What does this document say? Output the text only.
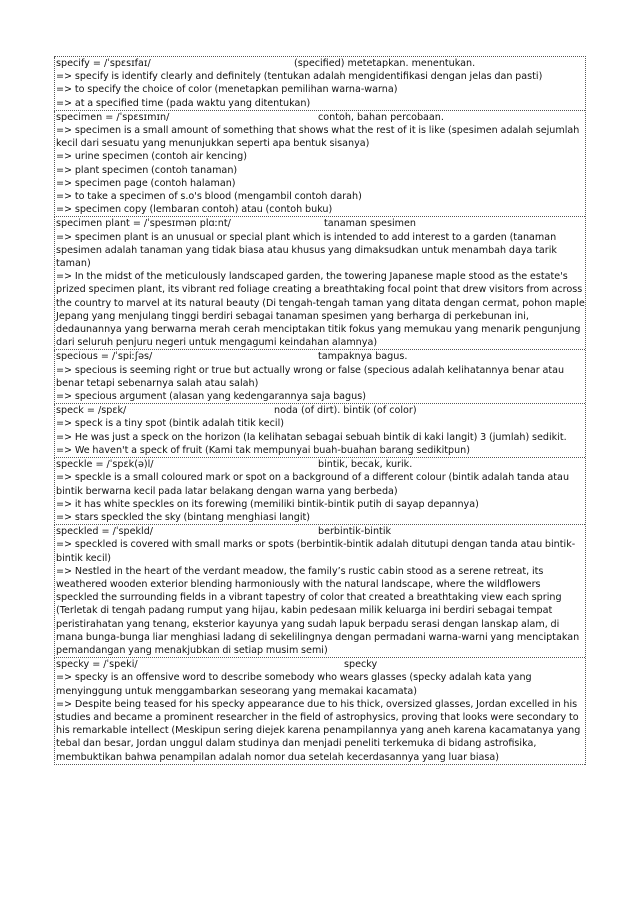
specify = /ˈspɛsɪfaɪ/	(specified) metetapkan. menentukan.
=> specify is identify clearly and definitely (tentukan adalah mengidentifikasi dengan jelas dan pasti)
=> to specify the choice of color (menetapkan pemilihan warna-warna)
=> at a specified time (pada waktu yang ditentukan)
specimen = /ˈspɛsɪmɪn/	contoh, bahan percobaan.
=> specimen is a small amount of something that shows what the rest of it is like (spesimen adalah sejumlah kecil dari sesuatu yang menunjukkan seperti apa bentuk sisanya)
=> urine specimen (contoh air kencing)
=> plant specimen (contoh tanaman)
=> specimen page (contoh halaman)
=> to take a specimen of s.o's blood (mengambil contoh darah)
=> specimen copy (lembaran contoh) atau (contoh buku)
specimen plant = /ˈspesɪmən plɑːnt/	tanaman spesimen
=> specimen plant is an unusual or special plant which is intended to add interest to a garden (tanaman spesimen adalah tanaman yang tidak biasa atau khusus yang dimaksudkan untuk menambah daya tarik taman)
=> In the midst of the meticulously landscaped garden, the towering Japanese maple stood as the estate's prized specimen plant, its vibrant red foliage creating a breathtaking focal point that drew visitors from across the country to marvel at its natural beauty (Di tengah-tengah taman yang ditata dengan cermat, pohon maple Jepang yang menjulang tinggi berdiri sebagai tanaman spesimen yang berharga di perkebunan ini, dedaunannya yang berwarna merah cerah menciptakan titik fokus yang memukau yang menarik pengunjung dari seluruh penjuru negeri untuk mengagumi keindahan alamnya)
specious = /ˈspiːʃəs/	tampaknya bagus.
=> specious is seeming right or true but actually wrong or false (specious adalah kelihatannya benar atau benar tetapi sebenarnya salah atau salah)
=> specious argument (alasan yang kedengarannya saja bagus)
speck = /spɛk/	noda (of dirt). bintik (of color)
=> speck is a tiny spot (bintik adalah titik kecil)
=> He was just a speck on the horizon (Ia kelihatan sebagai sebuah bintik di kaki langit) 3 (jumlah) sedikit.
=> We haven't a speck of fruit (Kami tak mempunyai buah-buahan barang sedikitpun)
speckle = /ˈspɛk(ə)l/	bintik, becak, kurik.
=> speckle is a small coloured mark or spot on a background of a different colour (bintik adalah tanda atau bintik berwarna kecil pada latar belakang dengan warna yang berbeda)
=> it has white speckles on its forewing (memiliki bintik-bintik putih di sayap depannya)
=> stars speckled the sky (bintang menghiasi langit)
speckled = /ˈspekld/	berbintik-bintik
=> speckled is covered with small marks or spots (berbintik-bintik adalah ditutupi dengan tanda atau bintik-bintik kecil)
=> Nestled in the heart of the verdant meadow, the family’s rustic cabin stood as a serene retreat, its weathered wooden exterior blending harmoniously with the natural landscape, where the wildflowers speckled the surrounding fields in a vibrant tapestry of color that created a breathtaking view each spring (Terletak di tengah padang rumput yang hijau, kabin pedesaan milik keluarga ini berdiri sebagai tempat peristirahatan yang tenang, eksterior kayunya yang sudah lapuk berpadu serasi dengan lanskap alam, di mana bunga-bunga liar menghiasi ladang di sekelilingnya dengan permadani warna-warni yang menciptakan pemandangan yang menakjubkan di setiap musim semi)
specky = /ˈspeki/	specky
=> specky is an offensive word to describe somebody who wears glasses (specky adalah kata yang menyinggung untuk menggambarkan seseorang yang memakai kacamata)
=> Despite being teased for his specky appearance due to his thick, oversized glasses, Jordan excelled in his studies and became a prominent researcher in the field of astrophysics, proving that looks were secondary to his remarkable intellect (Meskipun sering diejek karena penampilannya yang aneh karena kacamatanya yang tebal dan besar, Jordan unggul dalam studinya dan menjadi peneliti terkemuka di bidang astrofisika, membuktikan bahwa penampilan adalah nomor dua setelah kecerdasannya yang luar biasa)
